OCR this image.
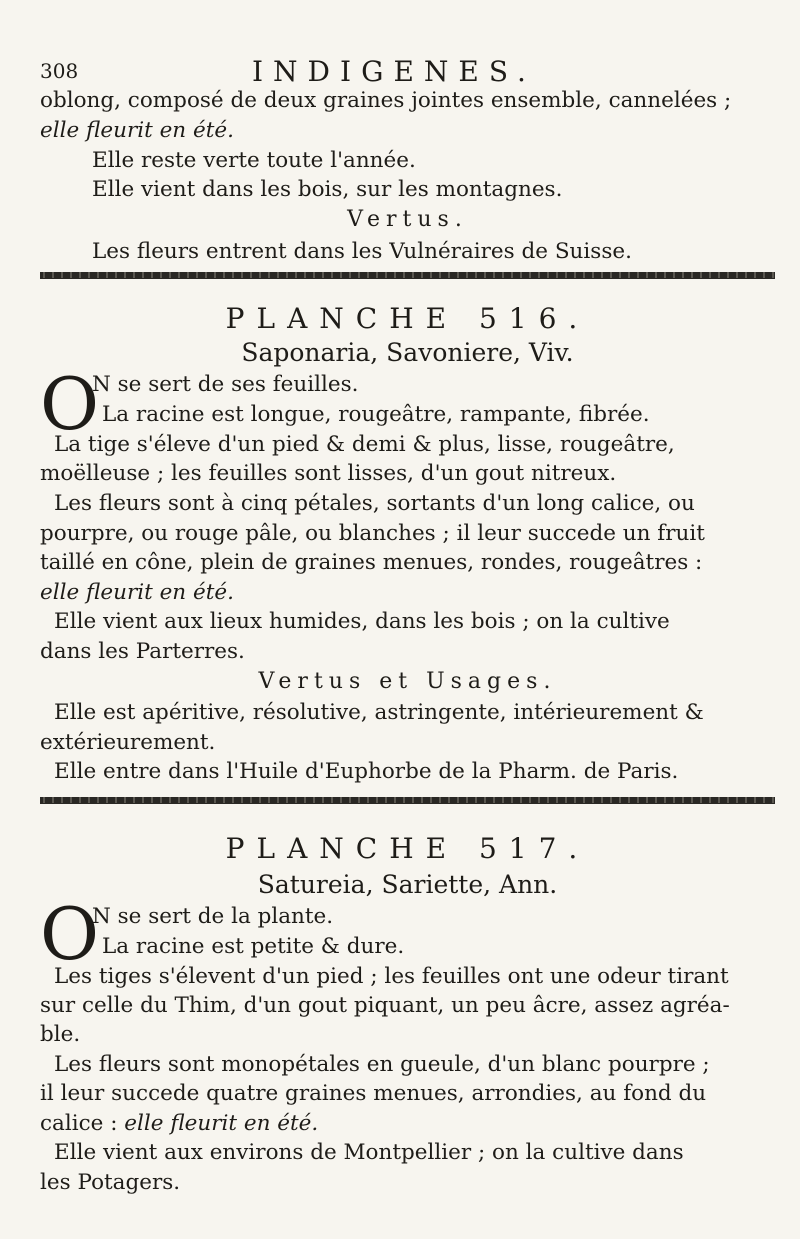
308	INDIGENES.
oblong, composé de deux graines jointes ensemble, cannelées ;
elle fleurit en été.
Elle reste verte toute l'année.
Elle vient dans les bois, sur les montagnes.
Vertus.
Les fleurs entrent dans les Vulnéraires de Suisse.
PLANCHE 516.
Saponaria, Savoniere, Viv.
O
N se sert de ses feuilles.
La racine est longue, rougeâtre, rampante, fibrée.
La tige s'éleve d'un pied & demi & plus, lisse, rougeâtre,
moëlleuse ; les feuilles sont lisses, d'un gout nitreux.
Les fleurs sont à cinq pétales, sortants d'un long calice, ou
pourpre, ou rouge pâle, ou blanches ; il leur succede un fruit
taillé en cône, plein de graines menues, rondes, rougeâtres :
elle fleurit en été.
Elle vient aux lieux humides, dans les bois ; on la cultive
dans les Parterres.
Vertus et Usages.
Elle est apéritive, résolutive, astringente, intérieurement &
extérieurement.
Elle entre dans l'Huile d'Euphorbe de la Pharm. de Paris.
PLANCHE 517.
Satureia, Sariette, Ann.
O
N se sert de la plante.
La racine est petite & dure.
Les tiges s'élevent d'un pied ; les feuilles ont une odeur tirant
sur celle du Thim, d'un gout piquant, un peu âcre, assez agréa-
ble.
Les fleurs sont monopétales en gueule, d'un blanc pourpre ;
il leur succede quatre graines menues, arrondies, au fond du
calice : elle fleurit en été.
Elle vient aux environs de Montpellier ; on la cultive dans
les Potagers.
